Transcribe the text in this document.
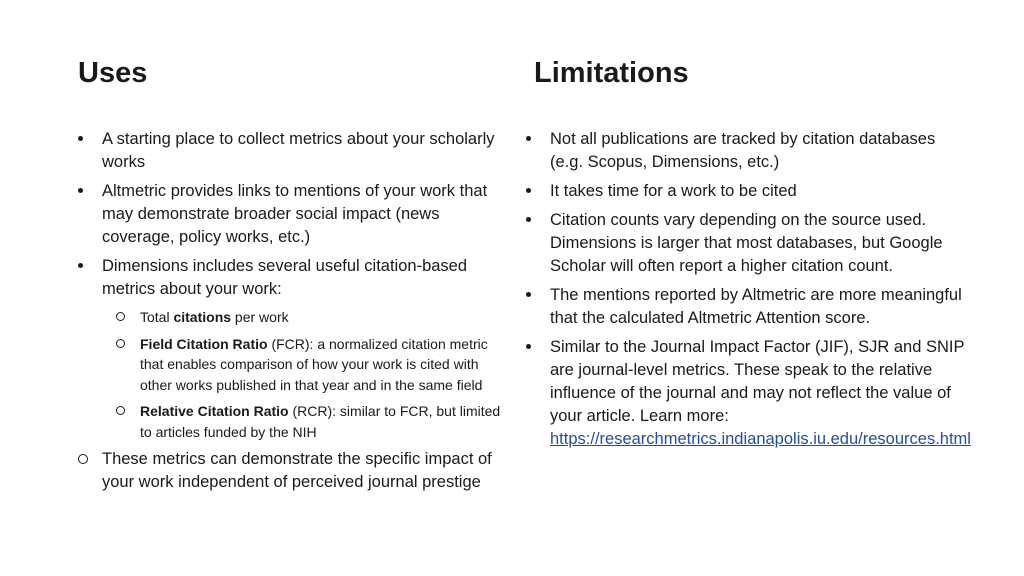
Uses
A starting place to collect metrics about your scholarly works
Altmetric provides links to mentions of your work that may demonstrate broader social impact (news coverage, policy works, etc.)
Dimensions includes several useful citation-based metrics about your work:
Total citations per work
Field Citation Ratio (FCR): a normalized citation metric that enables comparison of how your work is cited with other works published in that year and in the same field
Relative Citation Ratio (RCR): similar to FCR, but limited to articles funded by the NIH
These metrics can demonstrate the specific impact of your work independent of perceived journal prestige
Limitations
Not all publications are tracked by citation databases (e.g. Scopus, Dimensions, etc.)
It takes time for a work to be cited
Citation counts vary depending on the source used. Dimensions is larger that most databases, but Google Scholar will often report a higher citation count.
The mentions reported by Altmetric are more meaningful that the calculated Altmetric Attention score.
Similar to the Journal Impact Factor (JIF), SJR and SNIP are journal-level metrics. These speak to the relative influence of the journal and may not reflect the value of your article. Learn more: https://researchmetrics.indianapolis.iu.edu/resources.html
